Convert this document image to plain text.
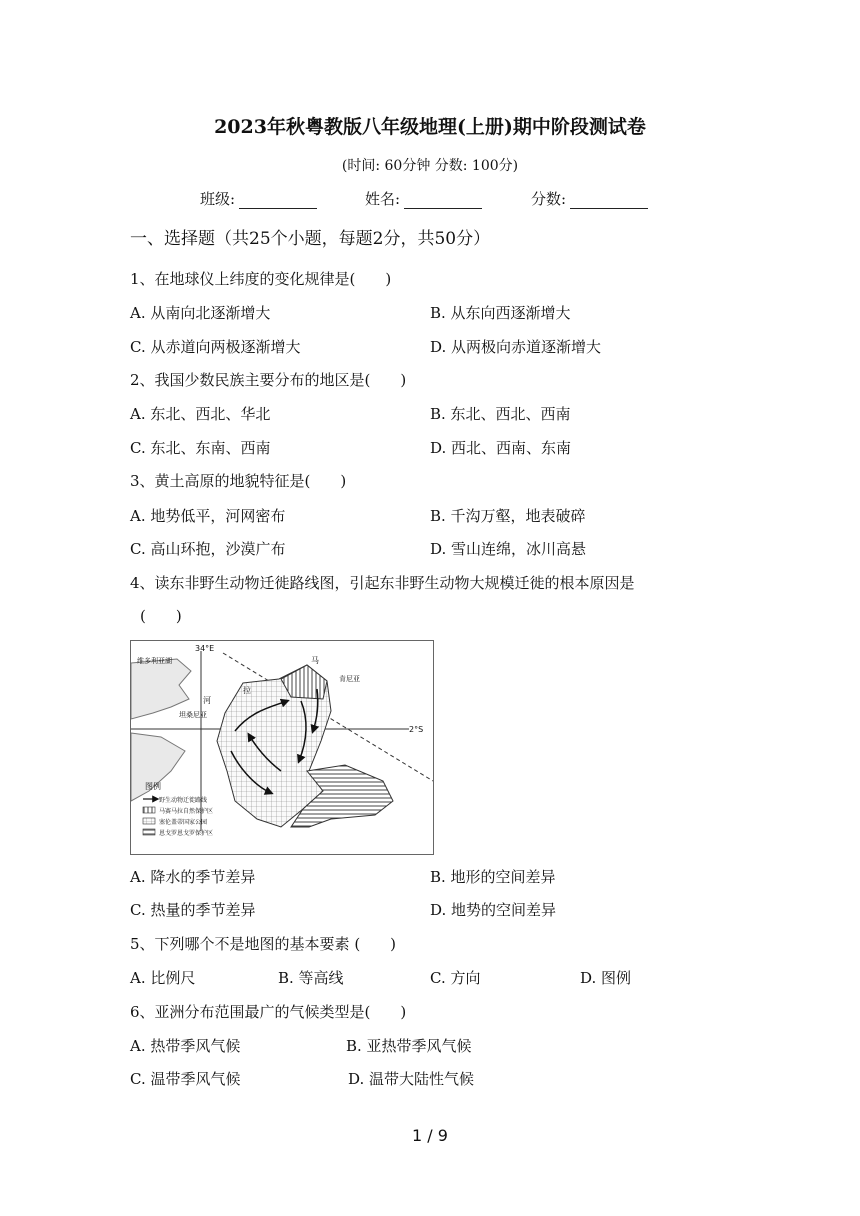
2023年秋粤教版八年级地理(上册)期中阶段测试卷
(时间: 60分钟 分数: 100分)
班级:	姓名:	分数:
一、选择题（共25个小题，每题2分，共50分）
1、在地球仪上纬度的变化规律是(　　)
A. 从南向北逐渐增大	B. 从东向西逐渐增大
C. 从赤道向两极逐渐增大	D. 从两极向赤道逐渐增大
2、我国少数民族主要分布的地区是(　　)
A. 东北、西北、华北	B. 东北、西北、西南
C. 东北、东南、西南	D. 西北、西南、东南
3、黄土高原的地貌特征是(　　)
A. 地势低平，河网密布	B. 千沟万壑，地表破碎
C. 高山环抱，沙漠广布	D. 雪山连绵，冰川高悬
4、读东非野生动物迁徙路线图，引起东非野生动物大规模迁徙的根本原因是
(　　)
34°E
2°S
维多利亚湖
肯尼亚
坦桑尼亚
河
拉
马
图例
野生动物迁徙路线
马赛马拉自然保护区
塞伦盖蒂国家公园
恩戈罗恩戈罗保护区
A. 降水的季节差异	B. 地形的空间差异
C. 热量的季节差异	D. 地势的空间差异
5、下列哪个不是地图的基本要素 (　　)
A. 比例尺	B. 等高线	C. 方向	D. 图例
6、亚洲分布范围最广的气候类型是(　　)
A. 热带季风气候	B. 亚热带季风气候
C. 温带季风气候	D. 温带大陆性气候
1 / 9
